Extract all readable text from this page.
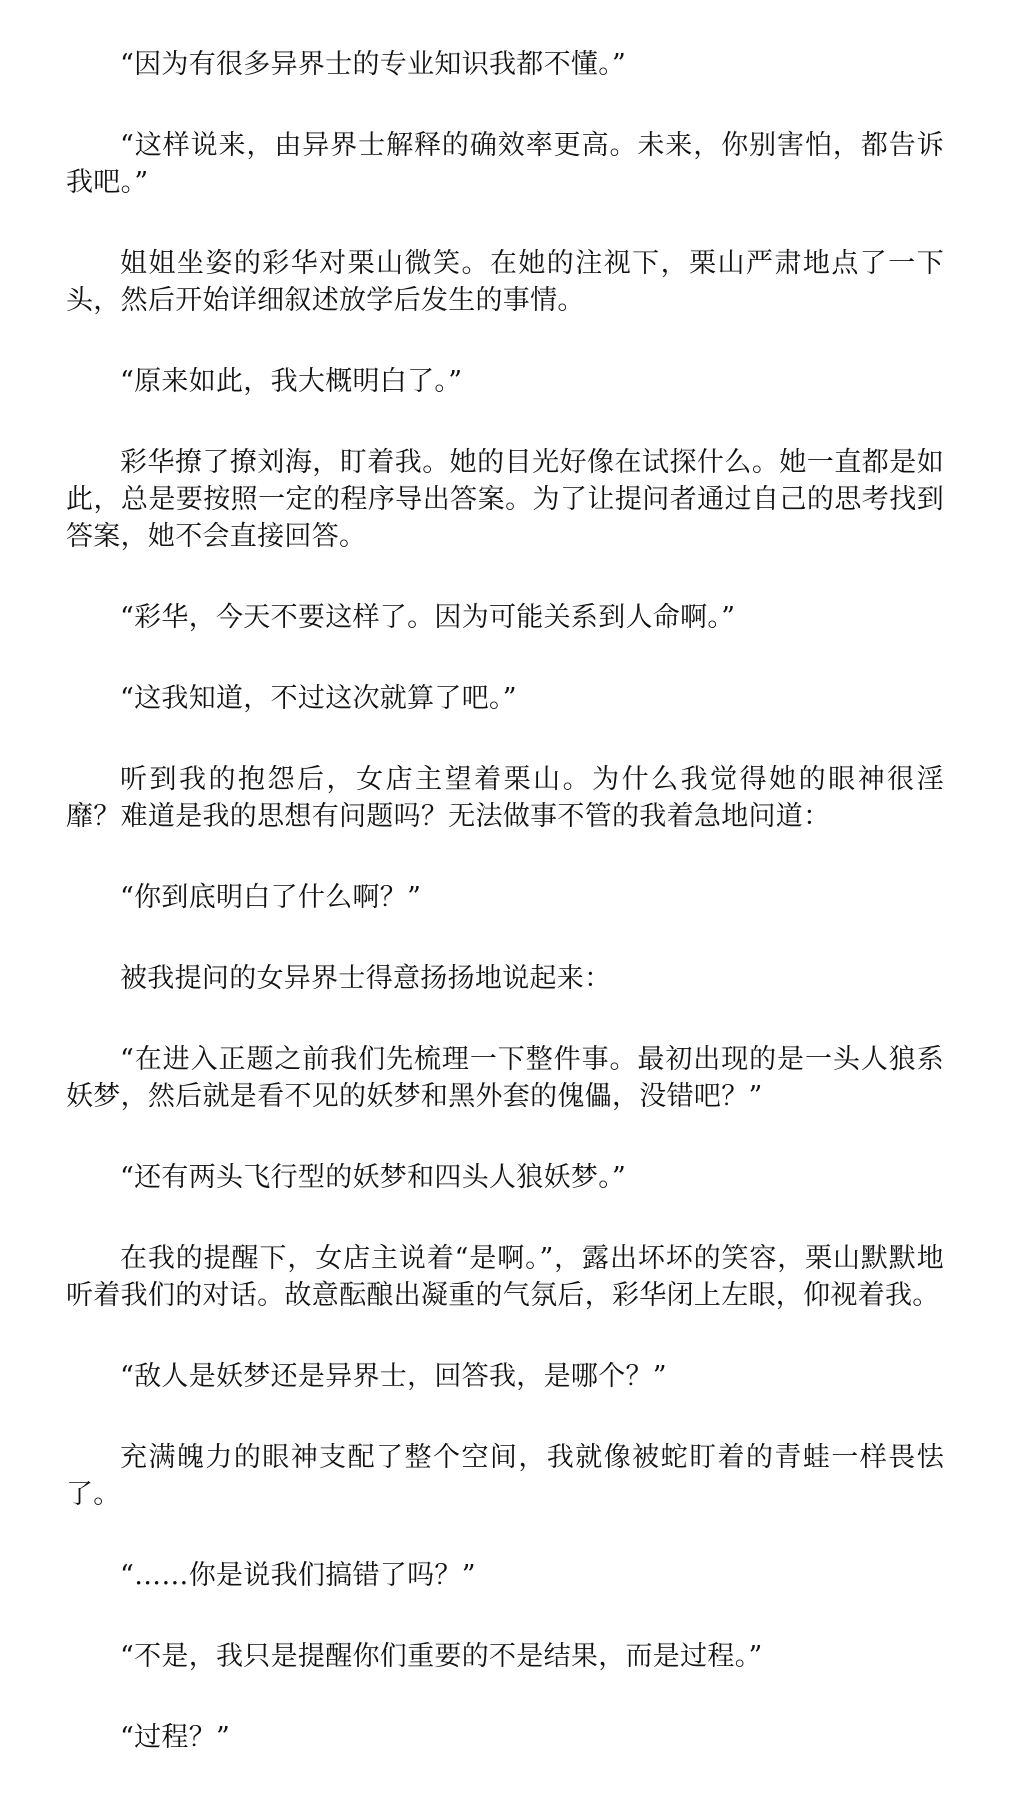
“因为有很多异界士的专业知识我都不懂。”

“这样说来，由异界士解释的确效率更高。未来，你别害怕，都告诉我吧。”

姐姐坐姿的彩华对栗山微笑。在她的注视下，栗山严肃地点了一下头，然后开始详细叙述放学后发生的事情。

“原来如此，我大概明白了。”

彩华撩了撩刘海，盯着我。她的目光好像在试探什么。她一直都是如此，总是要按照一定的程序导出答案。为了让提问者通过自己的思考找到答案，她不会直接回答。

“彩华，今天不要这样了。因为可能关系到人命啊。”

“这我知道，不过这次就算了吧。”

听到我的抱怨后，女店主望着栗山。为什么我觉得她的眼神很淫 靡？难道是我的思想有问题吗？无法做事不管的我着急地问道：

“你到底明白了什么啊？”

被我提问的女异界士得意扬扬地说起来：

“在进入正题之前我们先梳理一下整件事。最初出现的是一头人狼系妖梦，然后就是看不见的妖梦和黑外套的傀儡，没错吧？”

“还有两头飞行型的妖梦和四头人狼妖梦。”

在我的提醒下，女店主说着“是啊。”，露出坏坏的笑容，栗山默默地听着我们的对话。故意酝酿出凝重的气氛后，彩华闭上左眼，仰视着我。

“敌人是妖梦还是异界士，回答我，是哪个？”

充满魄力的眼神支配了整个空间，我就像被蛇盯着的青蛙一样畏怯了。

“……你是说我们搞错了吗？”

“不是，我只是提醒你们重要的不是结果，而是过程。”

“过程？”
